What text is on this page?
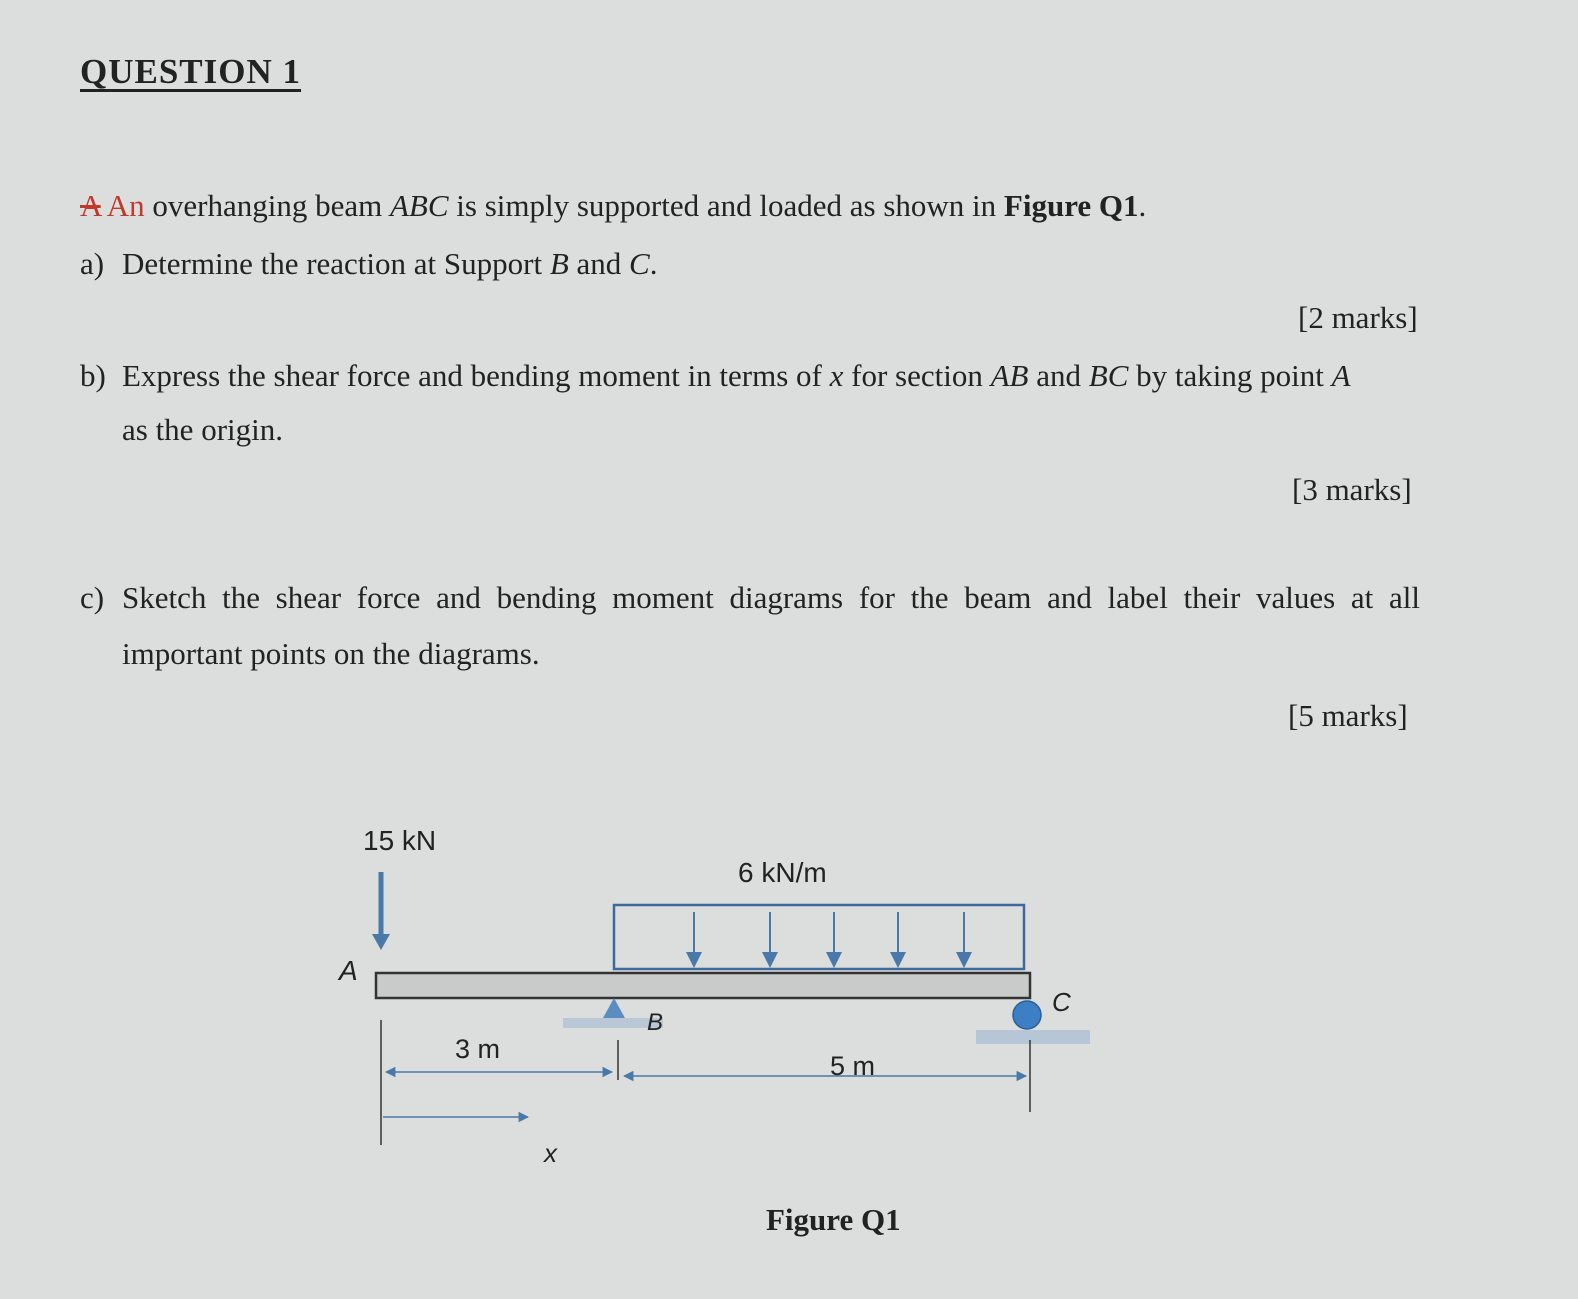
QUESTION 1
A An overhanging beam ABC is simply supported and loaded as shown in Figure Q1.
a) Determine the reaction at Support B and C.
[2 marks]
b) Express the shear force and bending moment in terms of x for section AB and BC by taking point A
as the origin.
[3 marks]
c) Sketch the shear force and bending moment diagrams for the beam and label their values at all
important points on the diagrams.
[5 marks]
15 kN
6 kN/m
A
B
C
3 m
5 m
x
Figure Q1
